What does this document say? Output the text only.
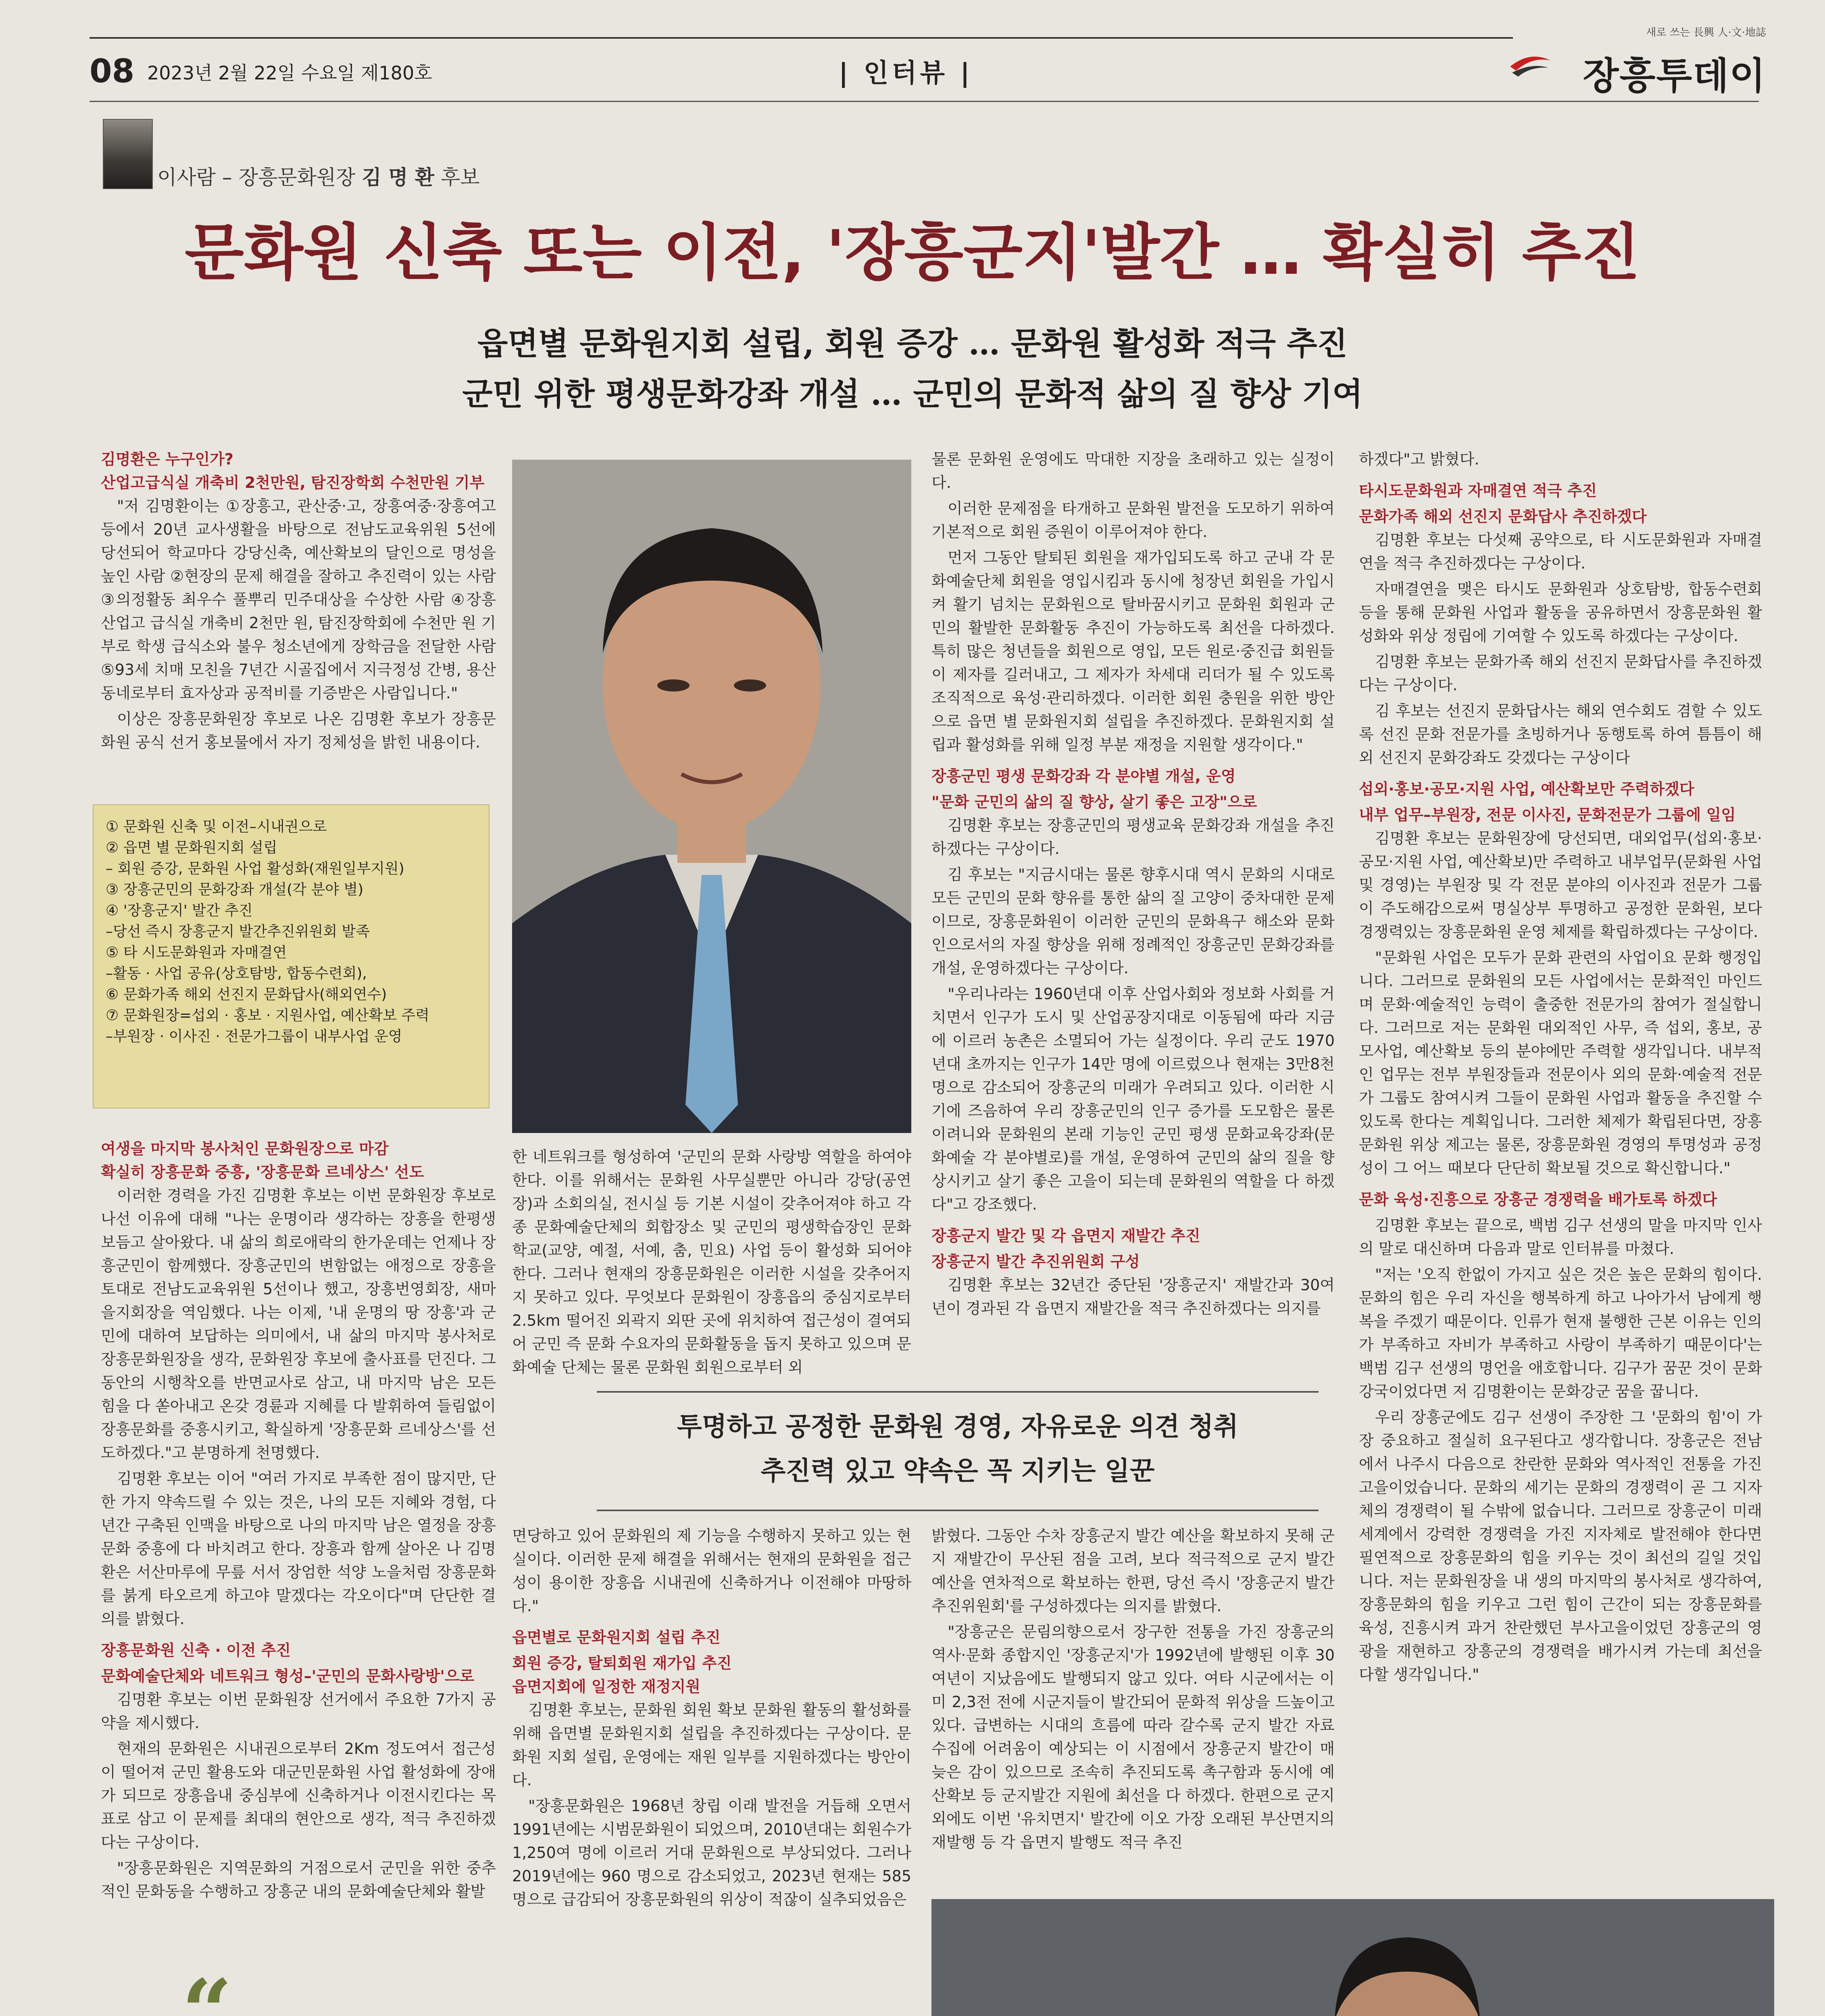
08 2023년 2월 22일 수요일 제180호	| 인터뷰 |
새로 쓰는 長興 人·文·地誌
장흥투데이
이사람 – 장흥문화원장 김 명 환 후보
문화원 신축 또는 이전, '장흥군지'발간 … 확실히 추진
읍면별 문화원지회 설립, 회원 증강 … 문화원 활성화 적극 추진
군민 위한 평생문화강좌 개설 … 군민의 문화적 삶의 질 향상 기여

김명환은 누구인가?

산업고급식실 개축비 2천만원, 탐진장학회 수천만원 기부

"저 김명환이는 ①장흥고, 관산중·고, 장흥여중·장흥여고 등에서 20년 교사생활을 바탕으로 전남도교육위원 5선에 당선되어 학교마다 강당신축, 예산확보의 달인으로 명성을 높인 사람 ②현장의 문제 해결을 잘하고 추진력이 있는 사람 ③의정활동 최우수 풀뿌리 민주대상을 수상한 사람 ④장흥산업고 급식실 개축비 2천만 원, 탐진장학회에 수천만 원 기부로 학생 급식소와 불우 청소년에게 장학금을 전달한 사람 ⑤93세 치매 모친을 7년간 시골집에서 지극정성 간병, 용산 동네로부터 효자상과 공적비를 기증받은 사람입니다."

이상은 장흥문화원장 후보로 나온 김명환 후보가 장흥문화원 공식 선거 홍보물에서 자기 정체성을 밝힌 내용이다.

① 문화원 신축 및 이전–시내권으로
② 읍면 별 문화원지회 설립
– 회원 증강, 문화원 사업 활성화(재원일부지원)
③ 장흥군민의 문화강좌 개설(각 분야 별)
④ '장흥군지' 발간 추진
–당선 즉시 장흥군지 발간추진위원회 발족
⑤ 타 시도문화원과 자매결연
–활동 · 사업 공유(상호탐방, 합동수련회),
⑥ 문화가족 해외 선진지 문화답사(해외연수)
⑦ 문화원장=섭외 · 홍보 · 지원사업, 예산확보 주력
–부원장 · 이사진 · 전문가그룹이 내부사업 운영

여생을 마지막 봉사처인 문화원장으로 마감

확실히 장흥문화 중흥, '장흥문화 르네상스' 선도

이러한 경력을 가진 김명환 후보는 이번 문화원장 후보로 나선 이유에 대해 "나는 운명이라 생각하는 장흥을 한평생 보듬고 살아왔다. 내 삶의 희로애락의 한가운데는 언제나 장흥군민이 함께했다. 장흥군민의 변함없는 애정으로 장흥을 토대로 전남도교육위원 5선이나 했고, 장흥번영회장, 새마을지회장을 역임했다. 나는 이제, '내 운명의 땅 장흥'과 군민에 대하여 보답하는 의미에서, 내 삶의 마지막 봉사처로 장흥문화원장을 생각, 문화원장 후보에 출사표를 던진다. 그 동안의 시행착오를 반면교사로 삼고, 내 마지막 남은 모든 힘을 다 쏟아내고 온갖 경륜과 지혜를 다 발휘하여 들림없이 장흥문화를 중흥시키고, 확실하게 '장흥문화 르네상스'를 선도하겠다."고 분명하게 천명했다.

김명환 후보는 이어 "여러 가지로 부족한 점이 많지만, 단 한 가지 약속드릴 수 있는 것은, 나의 모든 지혜와 경험, 다년간 구축된 인맥을 바탕으로 나의 마지막 남은 열정을 장흥문화 중흥에 다 바치려고 한다. 장흥과 함께 살아온 나 김명환은 서산마루에 무릎 서서 장엄한 석양 노을처럼 장흥문화를 붉게 타오르게 하고야 말겠다는 각오이다"며 단단한 결의를 밝혔다.

장흥문화원 신축 · 이전 추진

문화예술단체와 네트워크 형성–'군민의 문화사랑방'으로

김명환 후보는 이번 문화원장 선거에서 주요한 7가지 공약을 제시했다.

현재의 문화원은 시내권으로부터 2Km 정도여서 접근성이 떨어져 군민 활용도와 대군민문화원 사업 활성화에 장애가 되므로 장흥읍내 중심부에 신축하거나 이전시킨다는 목표로 삼고 이 문제를 최대의 현안으로 생각, 적극 추진하겠다는 구상이다.

"장흥문화원은 지역문화의 거점으로서 군민을 위한 중추적인 문화동을 수행하고 장흥군 내의 문화예술단체와 활발

한 네트워크를 형성하여 '군민의 문화 사랑방 역할을 하여야 한다. 이를 위해서는 문화원 사무실뿐만 아니라 강당(공연장)과 소회의실, 전시실 등 기본 시설이 갖추어져야 하고 각종 문화예술단체의 회합장소 및 군민의 평생학습장인 문화학교(교양, 예절, 서예, 춤, 민요) 사업 등이 활성화 되어야 한다. 그러나 현재의 장흥문화원은 이러한 시설을 갖추어지지 못하고 있다. 무엇보다 문화원이 장흥읍의 중심지로부터 2.5km 떨어진 외곽지 외딴 곳에 위치하여 접근성이 결여되어 군민 즉 문화 수요자의 문화활동을 돕지 못하고 있으며 문화예술 단체는 물론 문화원 회원으로부터 외

면당하고 있어 문화원의 제 기능을 수행하지 못하고 있는 현실이다. 이러한 문제 해결을 위해서는 현재의 문화원을 접근성이 용이한 장흥읍 시내권에 신축하거나 이전해야 마땅하다."

읍면별로 문화원지회 설립 추진

회원 증강, 탈퇴회원 재가입 추진

읍면지회에 일정한 재정지원

김명환 후보는, 문화원 회원 확보 문화원 활동의 활성화를 위해 읍면별 문화원지회 설립을 추진하겠다는 구상이다. 문화원 지회 설립, 운영에는 재원 일부를 지원하겠다는 방안이다.

"장흥문화원은 1968년 창립 이래 발전을 거듭해 오면서 1991년에는 시범문화원이 되었으며, 2010년대는 회원수가 1,250여 명에 이르러 거대 문화원으로 부상되었다. 그러나 2019년에는 960 명으로 감소되었고, 2023년 현재는 585명으로 급감되어 장흥문화원의 위상이 적잖이 실추되었음은

물론 문화원 운영에도 막대한 지장을 초래하고 있는 실정이다.

이러한 문제점을 타개하고 문화원 발전을 도모하기 위하여 기본적으로 회원 증원이 이루어져야 한다.

먼저 그동안 탈퇴된 회원을 재가입되도록 하고 군내 각 문화예술단체 회원을 영입시킴과 동시에 청장년 회원을 가입시켜 활기 넘치는 문화원으로 탈바꿈시키고 문화원 회원과 군민의 활발한 문화활동 추진이 가능하도록 최선을 다하겠다. 특히 많은 청년들을 회원으로 영입, 모든 원로·중진급 회원들이 제자를 길러내고, 그 제자가 차세대 리더가 될 수 있도록 조직적으로 육성·관리하겠다. 이러한 회원 충원을 위한 방안으로 읍면 별 문화원지회 설립을 추진하겠다. 문화원지회 설립과 활성화를 위해 일정 부분 재정을 지원할 생각이다."

장흥군민 평생 문화강좌 각 분야별 개설, 운영

"문화 군민의 삶의 질 향상, 살기 좋은 고장"으로

김명환 후보는 장흥군민의 평생교육 문화강좌 개설을 추진하겠다는 구상이다.

김 후보는 "지금시대는 물론 향후시대 역시 문화의 시대로 모든 군민의 문화 향유를 통한 삶의 질 고양이 중차대한 문제이므로, 장흥문화원이 이러한 군민의 문화욕구 해소와 문화인으로서의 자질 향상을 위해 정례적인 장흥군민 문화강좌를 개설, 운영하겠다는 구상이다.

"우리나라는 1960년대 이후 산업사회와 정보화 사회를 거치면서 인구가 도시 및 산업공장지대로 이동됨에 따라 지금에 이르러 농촌은 소멸되어 가는 실정이다. 우리 군도 1970년대 초까지는 인구가 14만 명에 이르렀으나 현재는 3만8천 명으로 감소되어 장흥군의 미래가 우려되고 있다. 이러한 시기에 즈음하여 우리 장흥군민의 인구 증가를 도모함은 물론이려니와 문화원의 본래 기능인 군민 평생 문화교육강좌(문화예술 각 분야별로)를 개설, 운영하여 군민의 삶의 질을 향상시키고 살기 좋은 고을이 되는데 문화원의 역할을 다 하겠다"고 강조했다.

장흥군지 발간 및 각 읍면지 재발간 추진

장흥군지 발간 추진위원회 구성

김명환 후보는 32년간 중단된 '장흥군지' 재발간과 30여년이 경과된 각 읍면지 재발간을 적극 추진하겠다는 의지를

밝혔다. 그동안 수차 장흥군지 발간 예산을 확보하지 못해 군지 재발간이 무산된 점을 고려, 보다 적극적으로 군지 발간 예산을 연차적으로 확보하는 한편, 당선 즉시 '장흥군지 발간추진위원회'를 구성하겠다는 의지를 밝혔다.

"장흥군은 문림의향으로서 장구한 전통을 가진 장흥군의 역사·문화 종합지인 '장흥군지'가 1992년에 발행된 이후 30여년이 지났음에도 발행되지 않고 있다. 여타 시군에서는 이미 2,3전 전에 시군지들이 발간되어 문화적 위상을 드높이고 있다. 급변하는 시대의 흐름에 따라 갈수록 군지 발간 자료 수집에 어려움이 예상되는 이 시점에서 장흥군지 발간이 매 늦은 감이 있으므로 조속히 추진되도록 촉구함과 동시에 예산확보 등 군지발간 지원에 최선을 다 하겠다. 한편으로 군지 외에도 이번 '유치면지' 발간에 이오 가장 오래된 부산면지의 재발행 등 각 읍면지 발행도 적극 추진

하겠다"고 밝혔다.

타시도문화원과 자매결연 적극 추진

문화가족 해외 선진지 문화답사 추진하겠다

김명환 후보는 다섯째 공약으로, 타 시도문화원과 자매결연을 적극 추진하겠다는 구상이다.

자매결연을 맺은 타시도 문화원과 상호탐방, 합동수련회 등을 통해 문화원 사업과 활동을 공유하면서 장흥문화원 활성화와 위상 정립에 기여할 수 있도록 하겠다는 구상이다.

김명환 후보는 문화가족 해외 선진지 문화답사를 추진하겠다는 구상이다.

김 후보는 선진지 문화답사는 해외 연수회도 겸할 수 있도록 선진 문화 전문가를 초빙하거나 동행토록 하여 틈틈이 해외 선진지 문화강좌도 갖겠다는 구상이다

섭외·홍보·공모·지원 사업, 예산확보만 주력하겠다

내부 업무–부원장, 전문 이사진, 문화전문가 그룹에 일임

김명환 후보는 문화원장에 당선되면, 대외업무(섭외·홍보·공모·지원 사업, 예산확보)만 주력하고 내부업무(문화원 사업 및 경영)는 부원장 및 각 전문 분야의 이사진과 전문가 그룹이 주도해감으로써 명실상부 투명하고 공정한 문화원, 보다 경쟁력있는 장흥문화원 운영 체제를 확립하겠다는 구상이다.

"문화원 사업은 모두가 문화 관련의 사업이요 문화 행정입니다. 그러므로 문화원의 모든 사업에서는 문화적인 마인드며 문화·예술적인 능력이 출중한 전문가의 참여가 절실합니다. 그러므로 저는 문화원 대외적인 사무, 즉 섭외, 홍보, 공모사업, 예산확보 등의 분야에만 주력할 생각입니다. 내부적인 업무는 전부 부원장들과 전문이사 외의 문화·예술적 전문가 그룹도 참여시켜 그들이 문화원 사업과 활동을 추진할 수 있도록 한다는 계획입니다. 그러한 체제가 확립된다면, 장흥문화원 위상 제고는 물론, 장흥문화원 경영의 투명성과 공정성이 그 어느 때보다 단단히 확보될 것으로 확신합니다."

문화 육성·진흥으로 장흥군 경쟁력을 배가토록 하겠다

김명환 후보는 끝으로, 백범 김구 선생의 말을 마지막 인사의 말로 대신하며 다음과 말로 인터뷰를 마쳤다.

"저는 '오직 한없이 가지고 싶은 것은 높은 문화의 힘이다. 문화의 힘은 우리 자신을 행복하게 하고 나아가서 남에게 행복을 주겠기 때문이다. 인류가 현재 불행한 근본 이유는 인의가 부족하고 자비가 부족하고 사랑이 부족하기 때문이다'는 백범 김구 선생의 명언을 애호합니다. 김구가 꿈꾼 것이 문화강국이었다면 저 김명환이는 문화강군 꿈을 꿉니다.

우리 장흥군에도 김구 선생이 주장한 그 '문화의 힘'이 가장 중요하고 절실히 요구된다고 생각합니다. 장흥군은 전남에서 나주시 다음으로 찬란한 문화와 역사적인 전통을 가진 고을이었습니다. 문화의 세기는 문화의 경쟁력이 곧 그 지자체의 경쟁력이 될 수밖에 없습니다. 그러므로 장흥군이 미래세계에서 강력한 경쟁력을 가진 지자체로 발전해야 한다면 필연적으로 장흥문화의 힘을 키우는 것이 최선의 길일 것입니다. 저는 문화원장을 내 생의 마지막의 봉사처로 생각하여, 장흥문화의 힘을 키우고 그런 힘이 근간이 되는 장흥문화를 육성, 진흥시켜 과거 찬란했던 부사고을이었던 장흥군의 영광을 재현하고 장흥군의 경쟁력을 배가시켜 가는데 최선을 다할 생각입니다."

투명하고 공정한 문화원 경영, 자유로운 의견 청취
추진력 있고 약속은 꼭 지키는 일꾼
“
